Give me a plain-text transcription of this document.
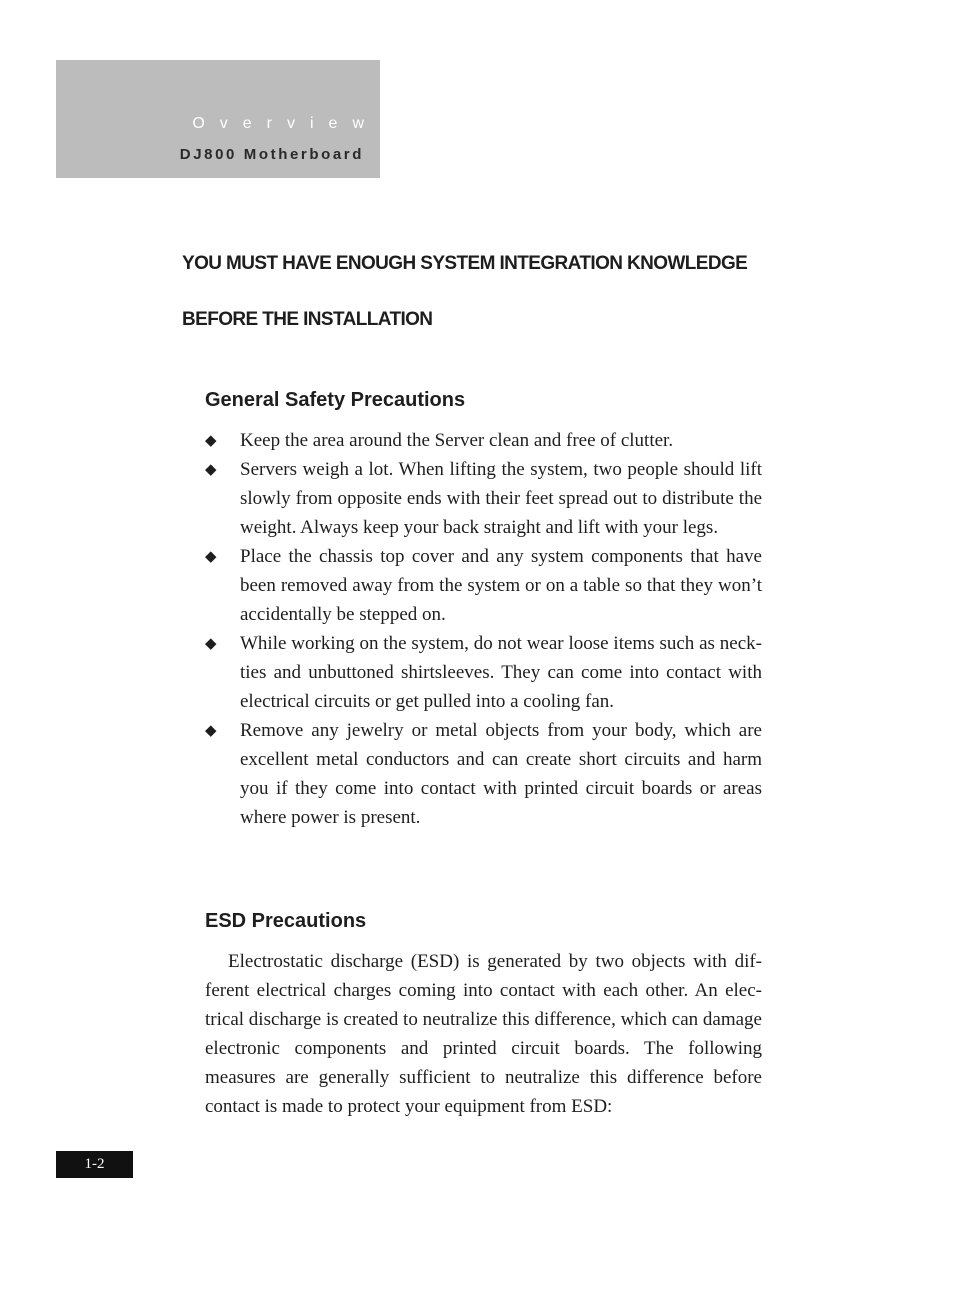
Overview
DJ800 Motherboard
YOU MUST HAVE ENOUGH SYSTEM INTEGRATION KNOWLEDGE
BEFORE THE INSTALLATION
General Safety Precautions
◆ Keep the area around the Server clean and free of clutter.
◆ Servers weigh a lot. When lifting the system, two people should lift slowly from opposite ends with their feet spread out to distribute the weight. Always keep your back straight and lift with your legs.
◆ Place the chassis top cover and any system components that have been removed away from the system or on a table so that they won’t accidentally be stepped on.
◆ While working on the system, do not wear loose items such as neckties and unbuttoned shirtsleeves. They can come into contact with electrical circuits or get pulled into a cooling fan.
◆ Remove any jewelry or metal objects from your body, which are excellent metal conductors and can create short circuits and harm you if they come into contact with printed circuit boards or areas where power is present.
ESD Precautions

Electrostatic discharge (ESD) is generated by two objects with different electrical charges coming into contact with each other. An electrical discharge is created to neutralize this difference, which can damage electronic components and printed circuit boards. The following measures are generally sufficient to neutralize this difference before contact is made to protect your equipment from ESD:

1-2
